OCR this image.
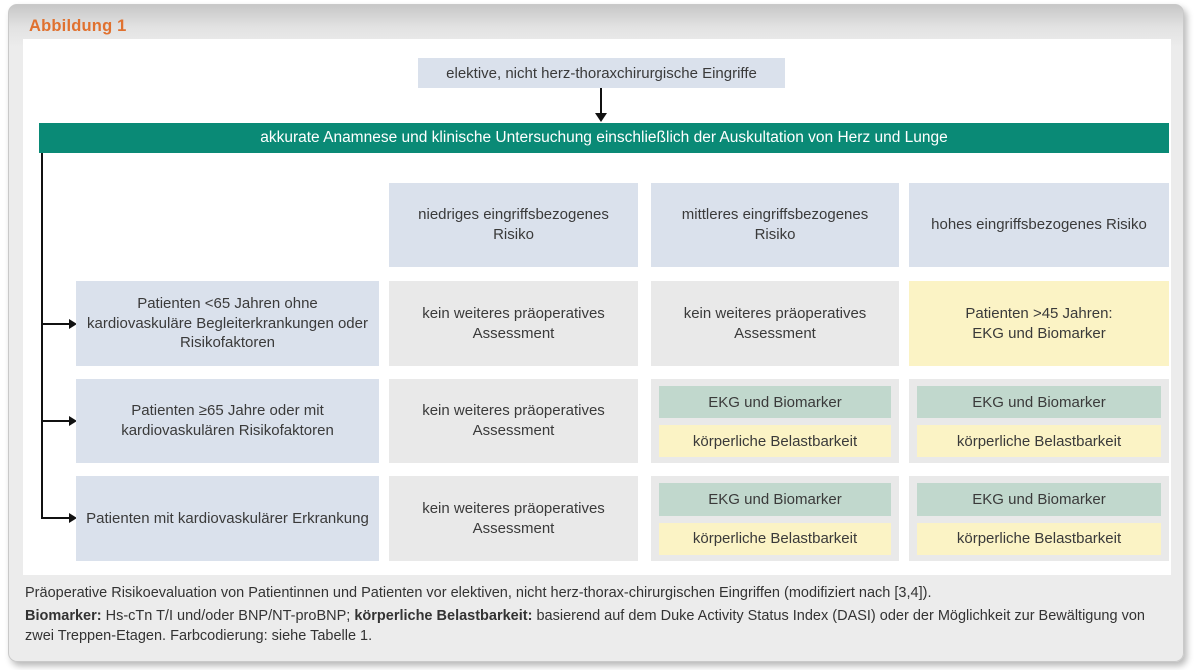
Abbildung 1
elektive, nicht herz-thoraxchirurgische Eingriffe
akkurate Anamnese und klinische Untersuchung einschließlich der Auskultation von Herz und Lunge
niedriges eingriffsbezogenes Risiko
mittleres eingriffsbezogenes Risiko
hohes eingriffsbezogenes Risiko
Patienten <65 Jahren ohne kardiovaskuläre Begleiterkrankungen oder Risikofaktoren
kein weiteres präoperatives Assessment
kein weiteres präoperatives Assessment
Patienten >45 Jahren:
EKG und Biomarker
Patienten ≥65 Jahre oder mit kardiovaskulären Risikofaktoren
kein weiteres präoperatives Assessment
EKG und Biomarker
körperliche Belastbarkeit
EKG und Biomarker
körperliche Belastbarkeit
Patienten mit kardiovaskulärer Erkrankung
kein weiteres präoperatives Assessment
EKG und Biomarker
körperliche Belastbarkeit
EKG und Biomarker
körperliche Belastbarkeit

Präoperative Risikoevaluation von Patientinnen und Patienten vor elektiven, nicht herz-thorax-chirurgischen Eingriffen (modifiziert nach [3,4]).

Biomarker: Hs-cTn T/I und/oder BNP/NT-proBNP; körperliche Belastbarkeit: basierend auf dem Duke Activity Status Index (DASI) oder der Möglichkeit zur Bewältigung von zwei Treppen-Etagen. Farbcodierung: siehe Tabelle 1.
